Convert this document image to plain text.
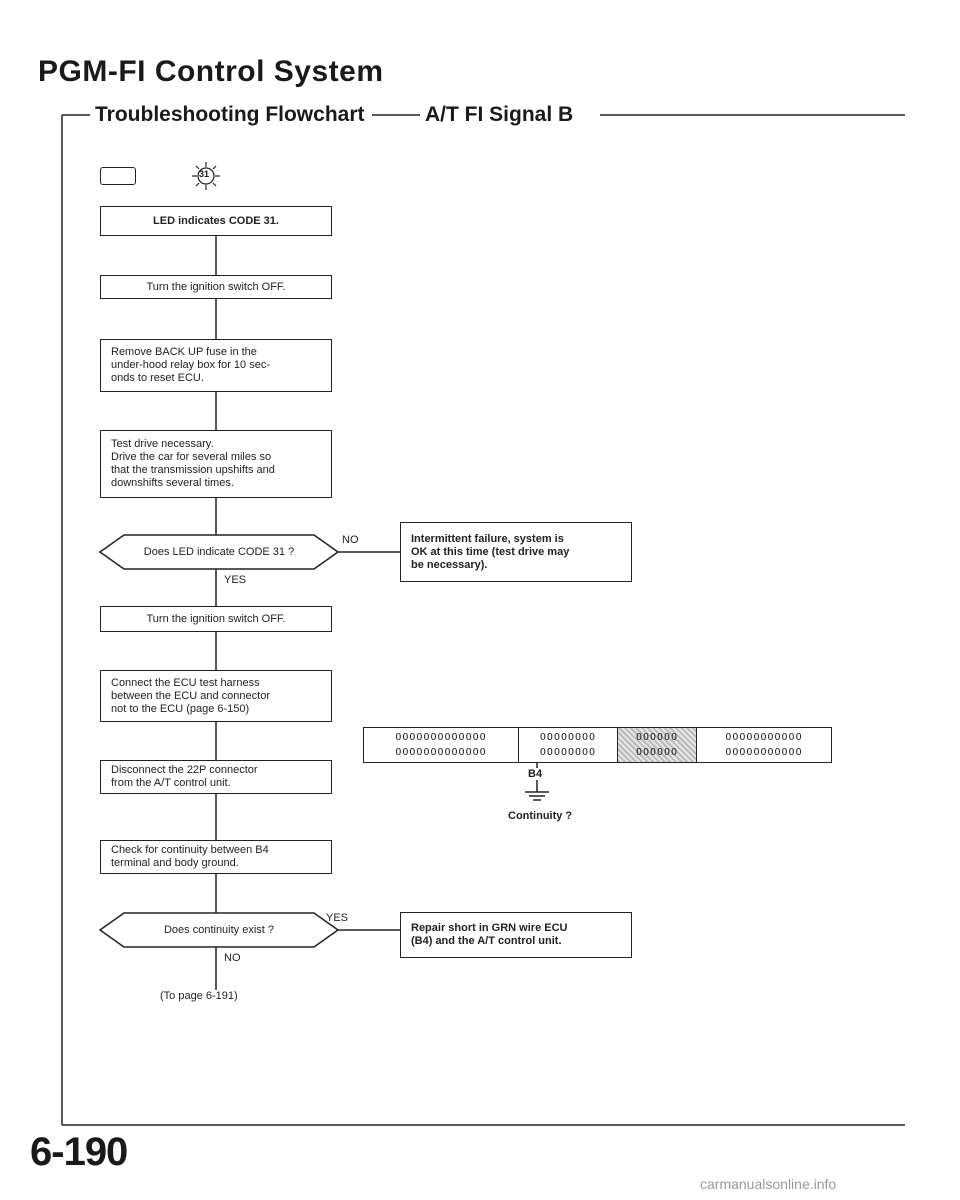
PGM-FI Control System
Troubleshooting Flowchart	A/T FI Signal B
31
LED indicates CODE 31.
Turn the ignition switch OFF.
Remove BACK UP fuse in the
under-hood relay box for 10 sec-
onds to reset ECU.
Test drive necessary.
Drive the car for several miles so
that the transmission upshifts and
downshifts several times.
Does LED indicate CODE 31 ?
NO
YES
Intermittent failure, system is
OK at this time (test drive may
be necessary).
Turn the ignition switch OFF.
Connect the ECU test harness
between the ECU and connector
not to the ECU (page 6-150)
Disconnect the 22P connector
from the A/T control unit.
Check for continuity between B4
terminal and body ground.
Does continuity exist ?
YES
NO
Repair short in GRN wire ECU
(B4) and the A/T control unit.
(To page 6-191)
OOOOOOOOOOOOO
OOOOOOOOOOOOO
OOOOOOOO
OOOOOOOO
OOOOOO
OOOOOO
OOOOOOOOOOO
OOOOOOOOOOO
B4
Continuity ?
6-190
carmanualsonline.info
